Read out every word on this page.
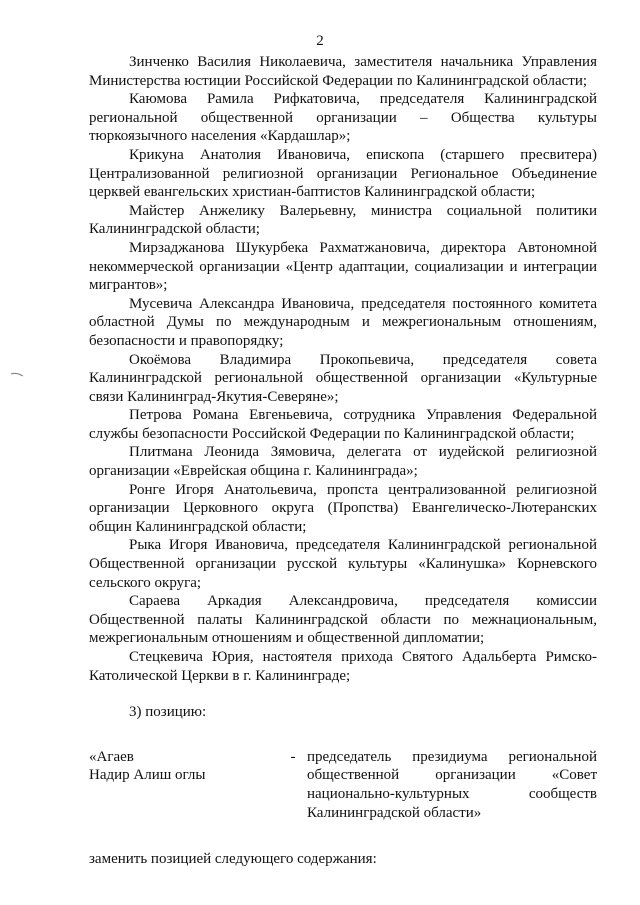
2

Зинченко Василия Николаевича, заместителя начальника Управления Министерства юстиции Российской Федерации по Калининградской области;

Каюмова Рамила Рифкатовича, председателя Калининградской региональной общественной организации – Общества культуры тюркоязычного населения «Кардашлар»;

Крикуна Анатолия Ивановича, епископа (старшего пресвитера) Централизованной религиозной организации Региональное Объединение церквей евангельских христиан-баптистов Калининградской области;

Майстер Анжелику Валерьевну, министра социальной политики Калининградской области;

Мирзаджанова Шукурбека Рахматжановича, директора Автономной некоммерческой организации «Центр адаптации, социализации и интеграции мигрантов»;

Мусевича Александра Ивановича, председателя постоянного комитета областной Думы по международным и межрегиональным отношениям, безопасности и правопорядку;

Окоёмова Владимира Прокопьевича, председателя совета Калининградской региональной общественной организации «Культурные связи Калининград-Якутия-Северяне»;

Петрова Романа Евгеньевича, сотрудника Управления Федеральной службы безопасности Российской Федерации по Калининградской области;

Плитмана Леонида Зямовича, делегата от иудейской религиозной организации «Еврейская община г. Калининграда»;

Ронге Игоря Анатольевича, пропста централизованной религиозной организации Церковного округа (Пропства) Евангелическо-Лютеранских общин Калининградской области;

Рыка Игоря Ивановича, председателя Калининградской региональной Общественной организации русской культуры «Калинушка» Корневского сельского округа;

Сараева Аркадия Александровича, председателя комиссии Общественной палаты Калининградской области по межнациональным, межрегиональным отношениям и общественной дипломатии;

Стецкевича Юрия, настоятеля прихода Святого Адальберта Римско-Католической Церкви в г. Калининграде;

3) позицию:

«Агаев
Надир Алиш оглы
- председатель президиума региональной общественной организации «Совет национально-культурных сообществ Калининградской области»
заменить позицией следующего содержания:
